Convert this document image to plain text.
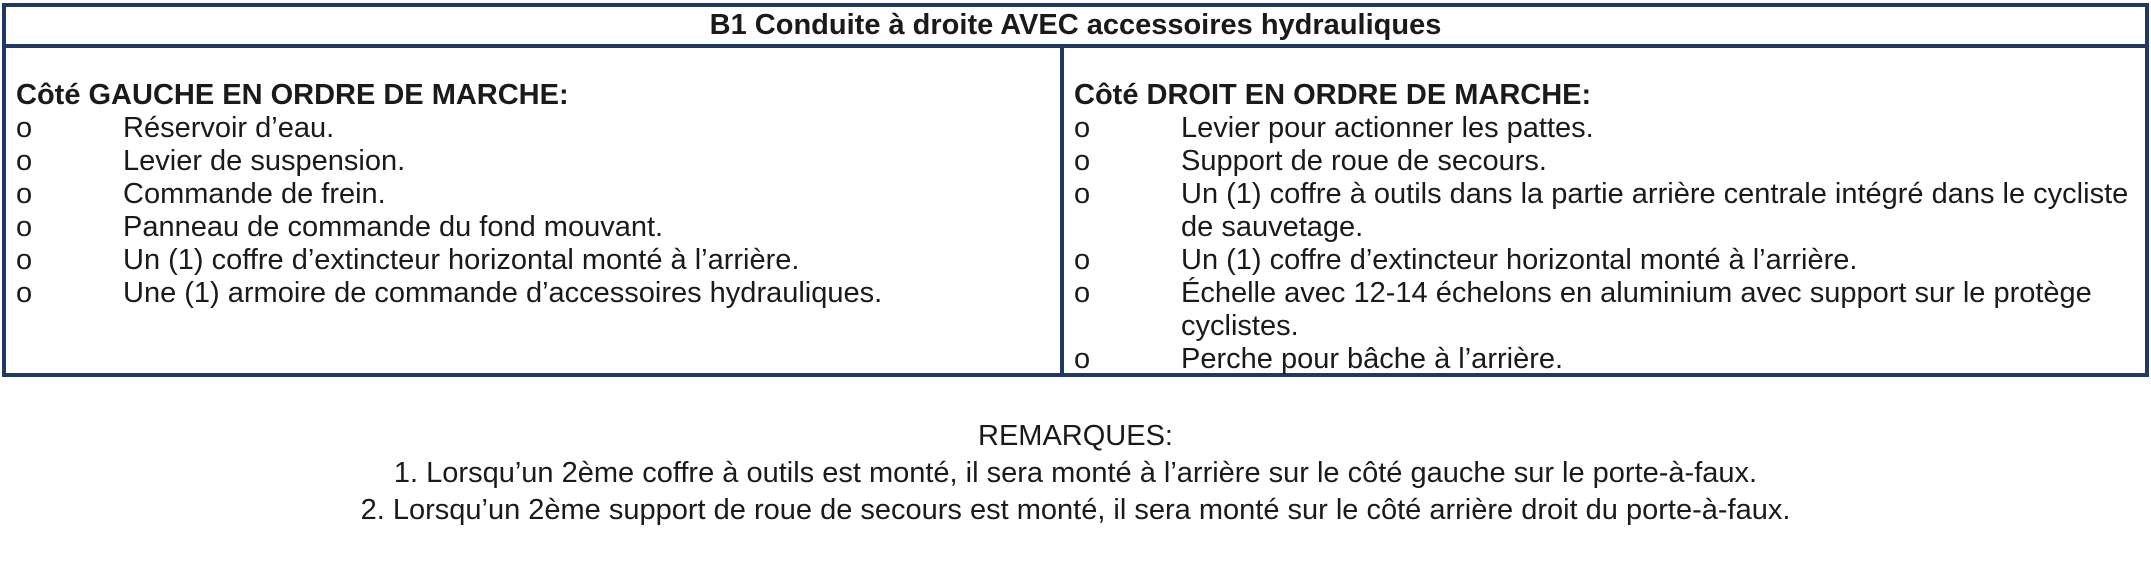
B1 Conduite à droite AVEC accessoires hydrauliques

Côté GAUCHE EN ORDRE DE MARCHE:

o	Réservoir d’eau.
o	Levier de suspension.
o	Commande de frein.
o	Panneau de commande du fond mouvant.
o	Un (1) coffre d’extincteur horizontal monté à l’arrière.
o	Une (1) armoire de commande d’accessoires hydrauliques.

Côté DROIT EN ORDRE DE MARCHE:

o	Levier pour actionner les pattes.
o	Support de roue de secours.
o	Un (1) coffre à outils dans la partie arrière centrale intégré dans le cycliste de sauvetage.
o	Un (1) coffre d’extincteur horizontal monté à l’arrière.
o	Échelle avec 12-14 échelons en aluminium avec support sur le protège cyclistes.
o	Perche pour bâche à l’arrière.
REMARQUES:
1. Lorsqu’un 2ème coffre à outils est monté, il sera monté à l’arrière sur le côté gauche sur le porte-à-faux.
2. Lorsqu’un 2ème support de roue de secours est monté, il sera monté sur le côté arrière droit du porte-à-faux.
